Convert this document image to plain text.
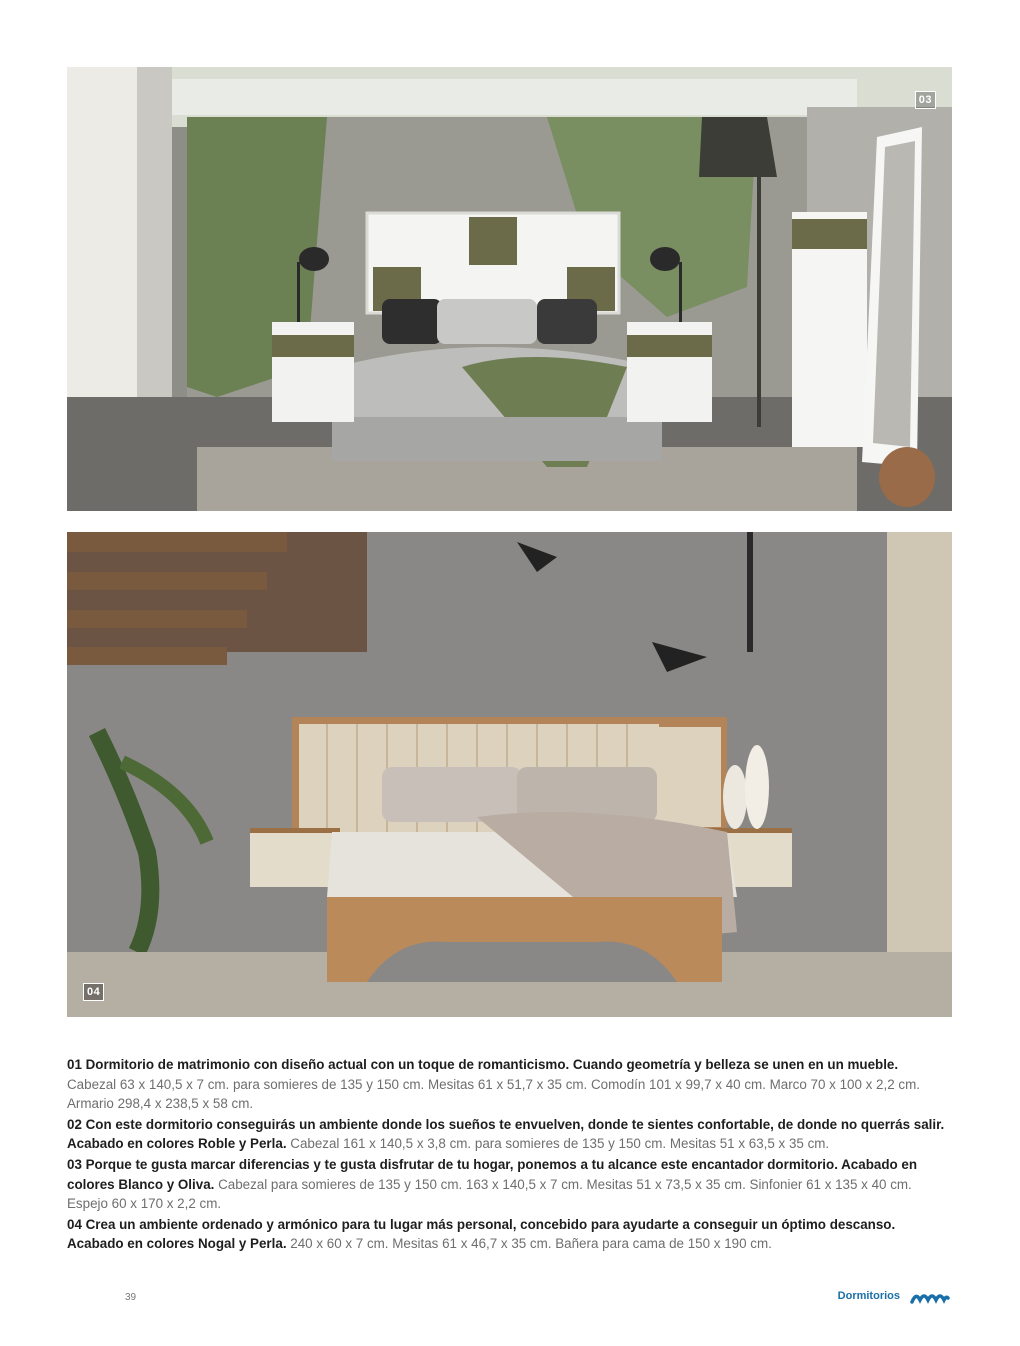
03
04

01 Dormitorio de matrimonio con diseño actual con un toque de romanticismo. Cuando geometría y belleza se unen en un mueble.
Cabezal 63 x 140,5 x 7 cm. para somieres de 135 y 150 cm. Mesitas 61 x 51,7 x 35 cm. Comodín 101 x 99,7 x 40 cm. Marco 70 x 100 x 2,2 cm. Armario 298,4 x 238,5 x 58 cm.

02 Con este dormitorio conseguirás un ambiente donde los sueños te envuelven, donde te sientes confortable, de donde no querrás salir. Acabado en colores Roble y Perla. Cabezal 161 x 140,5 x 3,8 cm. para somieres de 135 y 150 cm. Mesitas 51 x 63,5 x 35 cm.

03 Porque te gusta marcar diferencias y te gusta disfrutar de tu hogar, ponemos a tu alcance este encantador dormitorio. Acabado en colores Blanco y Oliva. Cabezal para somieres de 135 y 150 cm. 163 x 140,5 x 7 cm. Mesitas 51 x 73,5 x 35 cm. Sinfonier 61 x 135 x 40 cm. Espejo 60 x 170 x 2,2 cm.

04 Crea un ambiente ordenado y armónico para tu lugar más personal, concebido para ayudarte a conseguir un óptimo descanso. Acabado en colores Nogal y Perla. 240 x 60 x 7 cm. Mesitas 61 x 46,7 x 35 cm. Bañera para cama de 150 x 190 cm.

39	Dormitorios
